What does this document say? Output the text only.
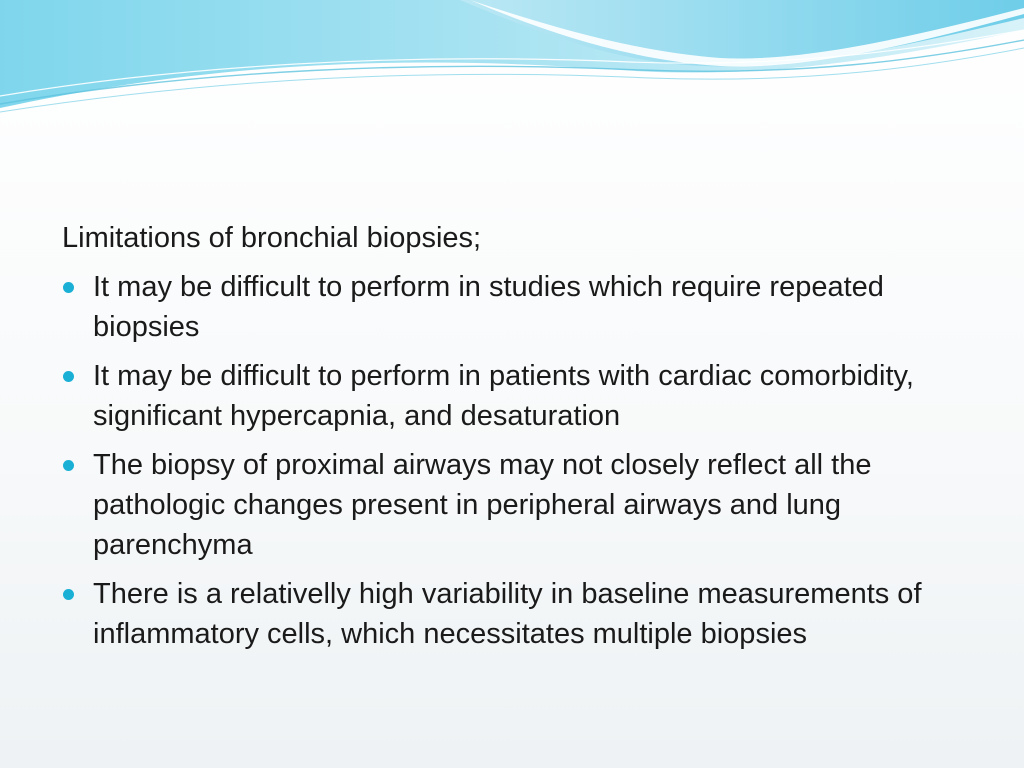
Limitations of bronchial biopsies;

It may be difficult to perform in studies which require repeated biopsies
It may be difficult to perform in patients with cardiac comorbidity, significant hypercapnia, and desaturation
The biopsy of proximal airways may not closely reflect all the pathologic changes present in peripheral airways and lung parenchyma
There is a relativelly high variability in baseline measurements of inflammatory cells, which necessitates multiple biopsies
